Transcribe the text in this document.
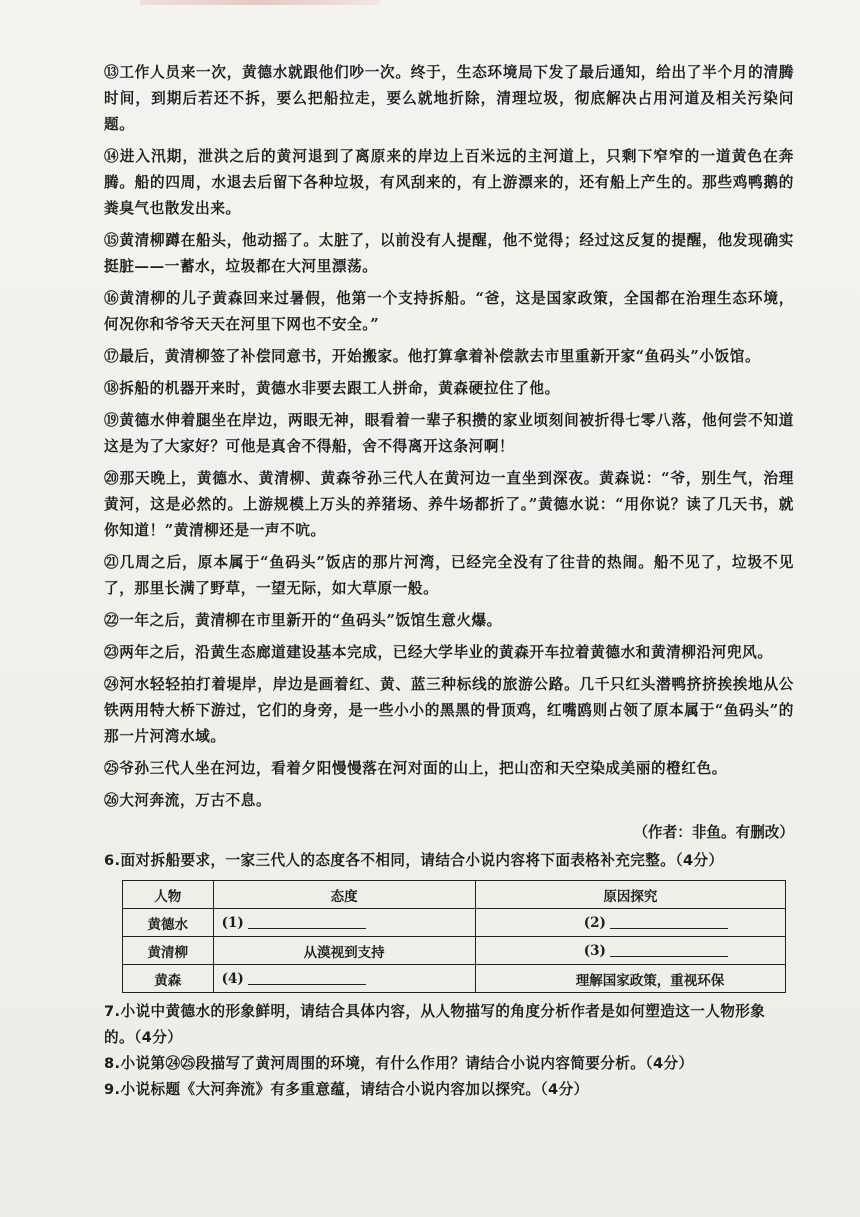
⑬工作人员来一次，黄德水就跟他们吵一次。终于，生态环境局下发了最后通知，给出了半个月的清腾时间，到期后若还不拆，要么把船拉走，要么就地折除，清理垃圾，彻底解决占用河道及相关污染问题。

⑭进入汛期，泄洪之后的黄河退到了离原来的岸边上百米远的主河道上，只剩下窄窄的一道黄色在奔腾。船的四周，水退去后留下各种垃圾，有风刮来的，有上游漂来的，还有船上产生的。那些鸡鸭鹅的粪臭气也散发出来。

⑮黄清柳蹲在船头，他动摇了。太脏了，以前没有人提醒，他不觉得；经过这反复的提醒，他发现确实挺脏——一蓄水，垃圾都在大河里漂荡。

⑯黄清柳的儿子黄森回来过暑假，他第一个支持拆船。“爸，这是国家政策，全国都在治理生态环境，何况你和爷爷天天在河里下网也不安全。”

⑰最后，黄清柳签了补偿同意书，开始搬家。他打算拿着补偿款去市里重新开家“鱼码头”小饭馆。

⑱拆船的机器开来时，黄德水非要去跟工人拼命，黄森硬拉住了他。

⑲黄德水伸着腿坐在岸边，两眼无神，眼看着一辈子积攒的家业顷刻间被折得七零八落，他何尝不知道这是为了大家好？可他是真舍不得船，舍不得离开这条河啊！

⑳那天晚上，黄德水、黄清柳、黄森爷孙三代人在黄河边一直坐到深夜。黄森说：“爷，别生气，治理黄河，这是必然的。上游规模上万头的养猪场、养牛场都折了。”黄德水说：“用你说？读了几天书，就你知道！”黄清柳还是一声不吭。

㉑几周之后，原本属于“鱼码头”饭店的那片河湾，已经完全没有了往昔的热闹。船不见了，垃圾不见了，那里长满了野草，一望无际，如大草原一般。

㉒一年之后，黄清柳在市里新开的“鱼码头”饭馆生意火爆。

㉓两年之后，沿黄生态廊道建设基本完成，已经大学毕业的黄森开车拉着黄德水和黄清柳沿河兜风。

㉔河水轻轻拍打着堤岸，岸边是画着红、黄、蓝三种标线的旅游公路。几千只红头潜鸭挤挤挨挨地从公铁两用特大桥下游过，它们的身旁，是一些小小的黑黑的骨顶鸡，红嘴鸥则占领了原本属于“鱼码头”的那一片河湾水域。

㉕爷孙三代人坐在河边，看着夕阳慢慢落在河对面的山上，把山峦和天空染成美丽的橙红色。

㉖大河奔流，万古不息。

（作者：非鱼。有删改）

6.面对拆船要求，一家三代人的态度各不相同，请结合小说内容将下面表格补充完整。（4分）

人物	态度	原因探究
黄德水	(1)	(2)
黄清柳	从漠视到支持	(3)
黄森	(4)	理解国家政策，重视环保

7.小说中黄德水的形象鲜明，请结合具体内容，从人物描写的角度分析作者是如何塑造这一人物形象的。（4分）

8.小说第㉔㉕段描写了黄河周围的环境，有什么作用？请结合小说内容简要分析。（4分）

9.小说标题《大河奔流》有多重意蕴，请结合小说内容加以探究。（4分）
